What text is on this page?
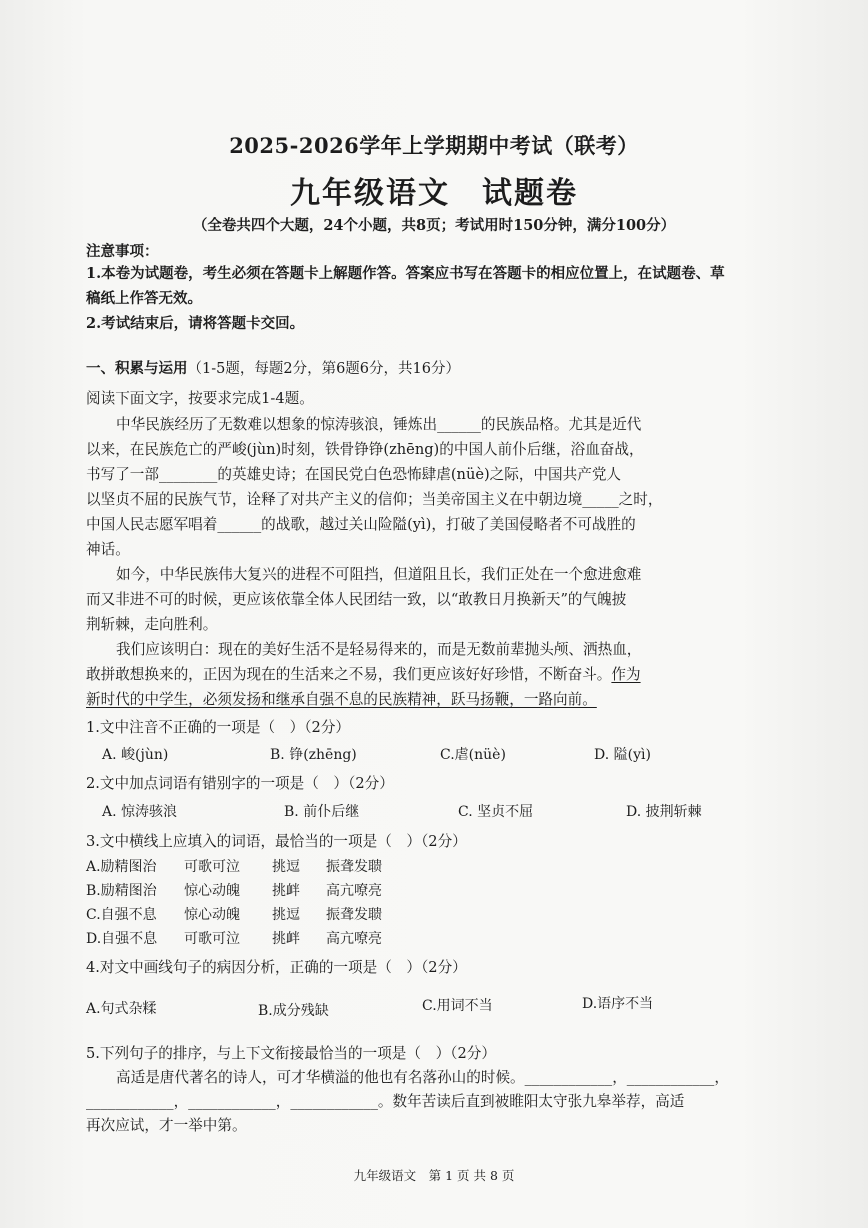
2025-2026学年上学期期中考试（联考）
九年级语文　试题卷
（全卷共四个大题，24个小题，共8页；考试用时150分钟，满分100分）
注意事项：
1.本卷为试题卷，考生必须在答题卡上解题作答。答案应书写在答题卡的相应位置上，在试题卷、草
稿纸上作答无效。
2.考试结束后，请将答题卡交回。
一、积累与运用（1-5题，每题2分，第6题6分，共16分）
阅读下面文字，按要求完成1-4题。
中华民族经历了无数难以想象的惊涛骇浪，锤炼出______的民族品格。尤其是近代
以来，在民族危亡的严峻(jùn)时刻，铁骨铮铮(zhēng)的中国人前仆后继，浴血奋战，
书写了一部________的英雄史诗；在国民党白色恐怖肆虐(nüè)之际，中国共产党人
以坚贞不屈的民族气节，诠释了对共产主义的信仰；当美帝国主义在中朝边境_____之时，
中国人民志愿军唱着______的战歌，越过关山险隘(yì)，打破了美国侵略者不可战胜的
神话。
如今，中华民族伟大复兴的进程不可阻挡，但道阻且长，我们正处在一个愈进愈难
而又非进不可的时候，更应该依靠全体人民团结一致，以“敢教日月换新天”的气魄披
荆斩棘，走向胜利。
我们应该明白：现在的美好生活不是轻易得来的，而是无数前辈抛头颅、洒热血，
敢拼敢想换来的，正因为现在的生活来之不易，我们更应该好好珍惜，不断奋斗。作为
新时代的中学生，必须发扬和继承自强不息的民族精神，跃马扬鞭，一路向前。
1.文中注音不正确的一项是（　）（2分）
A. 峻(jùn)	B. 铮(zhēng)	C.虐(nüè)	D. 隘(yì)
2.文中加点词语有错别字的一项是（　）（2分）
A. 惊涛骇浪	B. 前仆后继	C. 坚贞不屈	D. 披荆斩棘
3.文中横线上应填入的词语，最恰当的一项是（　）（2分）
A.励精图治 可歌可泣 挑逗 振聋发聩
B.励精图治 惊心动魄 挑衅 高亢嘹亮
C.自强不息 惊心动魄 挑逗 振聋发聩
D.自强不息 可歌可泣 挑衅 高亢嘹亮
4.对文中画线句子的病因分析，正确的一项是（　）（2分）
A.句式杂糅	B.成分残缺	C.用词不当	D.语序不当
5.下列句子的排序，与上下文衔接最恰当的一项是（　）（2分）
高适是唐代著名的诗人，可才华横溢的他也有名落孙山的时候。____________，____________，
____________，____________，____________。数年苦读后直到被睢阳太守张九皋举荐，高适
再次应试，才一举中第。
九年级语文　第 1 页 共 8 页
